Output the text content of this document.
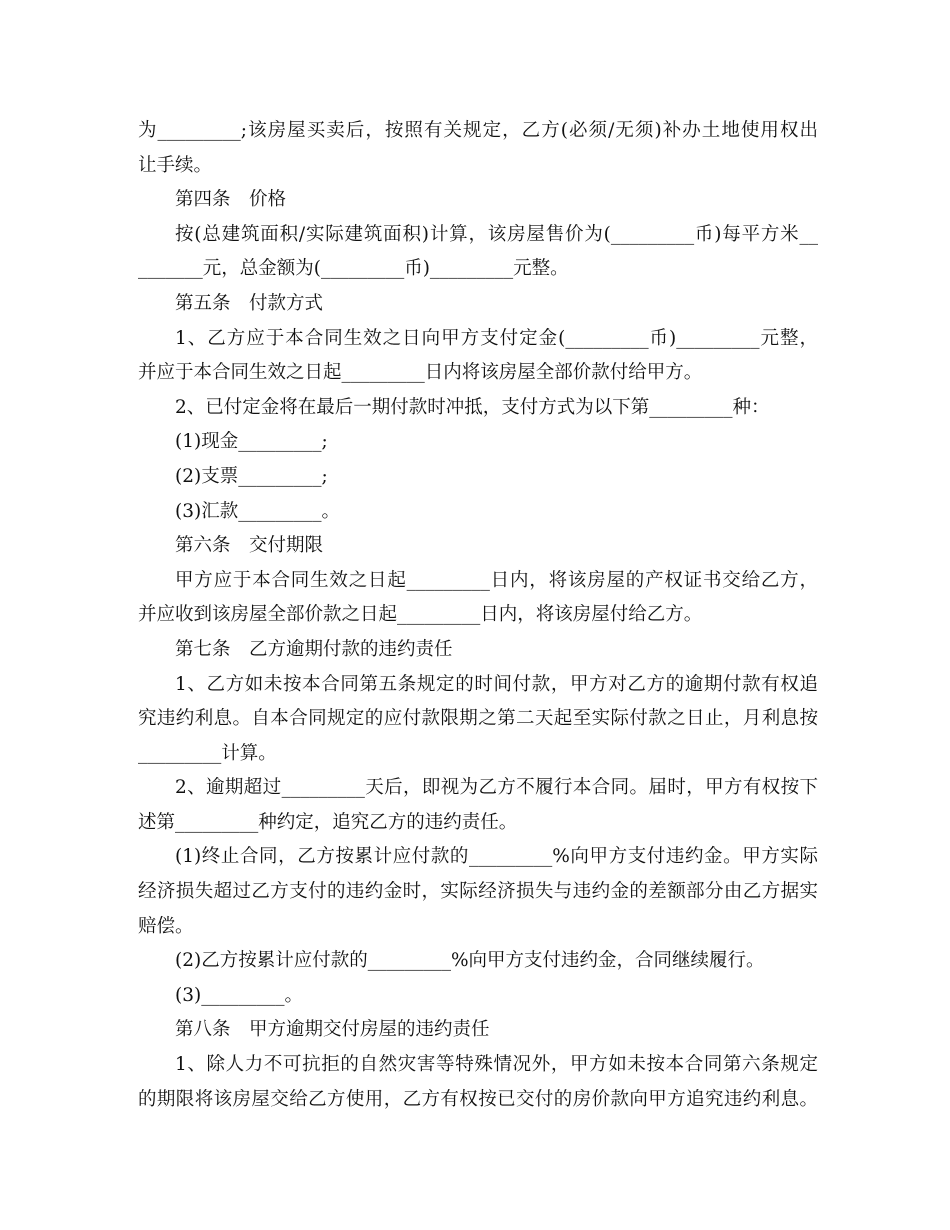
为_________;该房屋买卖后，按照有关规定，乙方(必须/无须)补办土地使用权出
让手续。
第四条　价格
按(总建筑面积/实际建筑面积)计算，该房屋售价为(_________币)每平方米__
_______元，总金额为(_________币)_________元整。
第五条　付款方式
1、乙方应于本合同生效之日向甲方支付定金(_________币)_________元整，
并应于本合同生效之日起_________日内将该房屋全部价款付给甲方。
2、已付定金将在最后一期付款时冲抵，支付方式为以下第_________种：
(1)现金_________;
(2)支票_________;
(3)汇款_________。
第六条　交付期限
甲方应于本合同生效之日起_________日内，将该房屋的产权证书交给乙方，
并应收到该房屋全部价款之日起_________日内，将该房屋付给乙方。
第七条　乙方逾期付款的违约责任
1、乙方如未按本合同第五条规定的时间付款，甲方对乙方的逾期付款有权追
究违约利息。自本合同规定的应付款限期之第二天起至实际付款之日止，月利息按
_________计算。
2、逾期超过_________天后，即视为乙方不履行本合同。届时，甲方有权按下
述第_________种约定，追究乙方的违约责任。
(1)终止合同，乙方按累计应付款的_________%向甲方支付违约金。甲方实际
经济损失超过乙方支付的违约金时，实际经济损失与违约金的差额部分由乙方据实
赔偿。
(2)乙方按累计应付款的_________%向甲方支付违约金，合同继续履行。
(3)_________。
第八条　甲方逾期交付房屋的违约责任
1、除人力不可抗拒的自然灾害等特殊情况外，甲方如未按本合同第六条规定
的期限将该房屋交给乙方使用，乙方有权按已交付的房价款向甲方追究违约利息。
